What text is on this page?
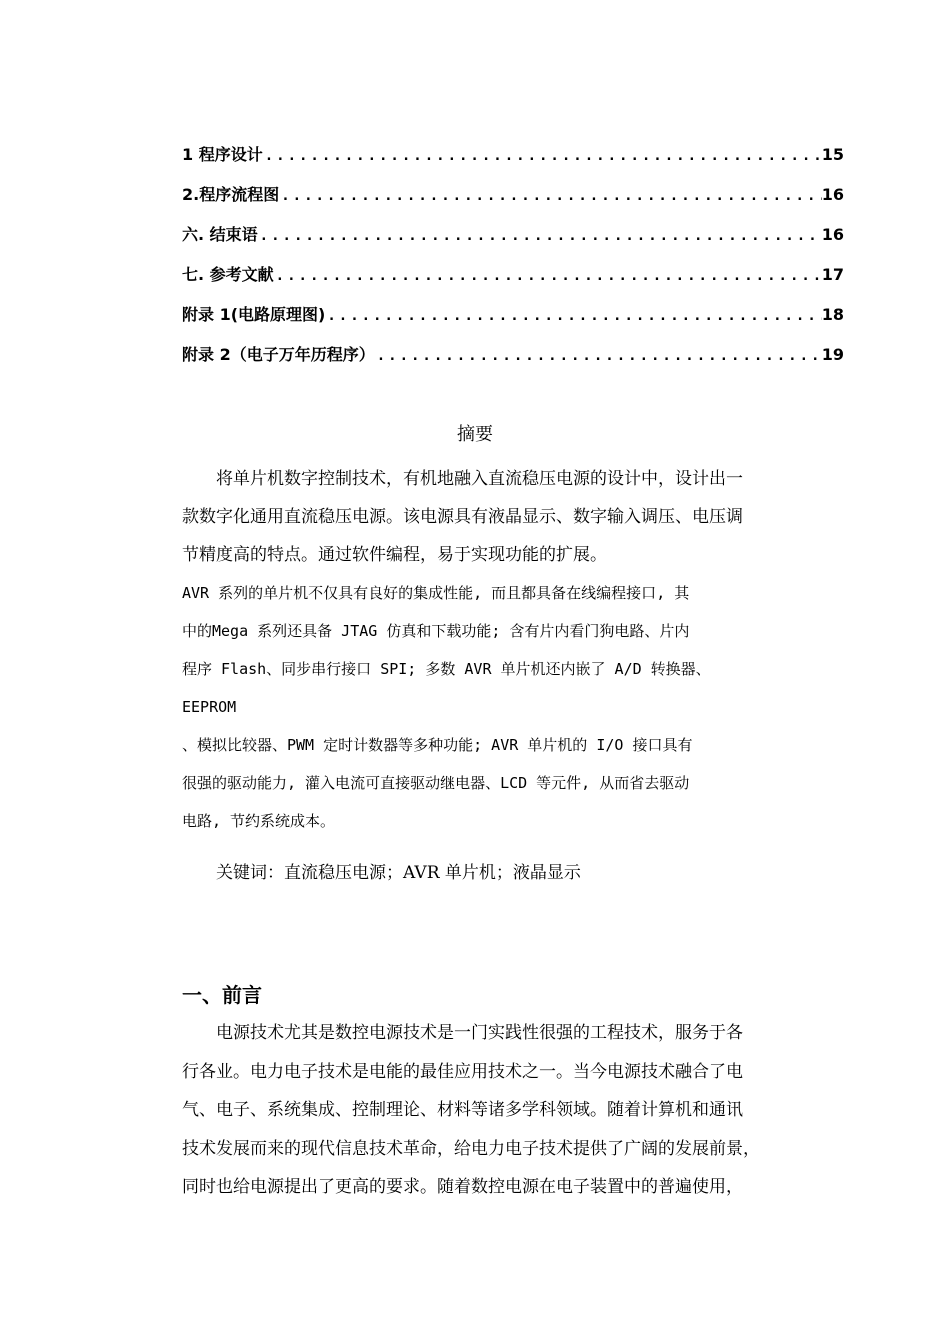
1 程序设计 .....	15
2.程序流程图 .....	16
六. 结束语 .....	16
七. 参考文献 .....	17
附录 1(电路原理图) .....	18
附录 2（电子万年历程序） .....	19
摘要

将单片机数字控制技术，有机地融入直流稳压电源的设计中，设计出一

款数字化通用直流稳压电源。该电源具有液晶显示、数字输入调压、电压调

节精度高的特点。通过软件编程，易于实现功能的扩展。

AVR 系列的单片机不仅具有良好的集成性能, 而且都具备在线编程接口, 其

中的Mega 系列还具备 JTAG 仿真和下载功能; 含有片内看门狗电路、片内

程序 Flash、同步串行接口 SPI; 多数 AVR 单片机还内嵌了 A/D 转换器、

EEPROM

、模拟比较器、PWM 定时计数器等多种功能; AVR 单片机的 I/O 接口具有

很强的驱动能力, 灌入电流可直接驱动继电器、LCD 等元件, 从而省去驱动

电路, 节约系统成本。

关键词：直流稳压电源；AVR 单片机；液晶显示
一、前言

电源技术尤其是数控电源技术是一门实践性很强的工程技术，服务于各

行各业。电力电子技术是电能的最佳应用技术之一。当今电源技术融合了电

气、电子、系统集成、控制理论、材料等诸多学科领域。随着计算机和通讯

技术发展而来的现代信息技术革命，给电力电子技术提供了广阔的发展前景，

同时也给电源提出了更高的要求。随着数控电源在电子装置中的普遍使用，
